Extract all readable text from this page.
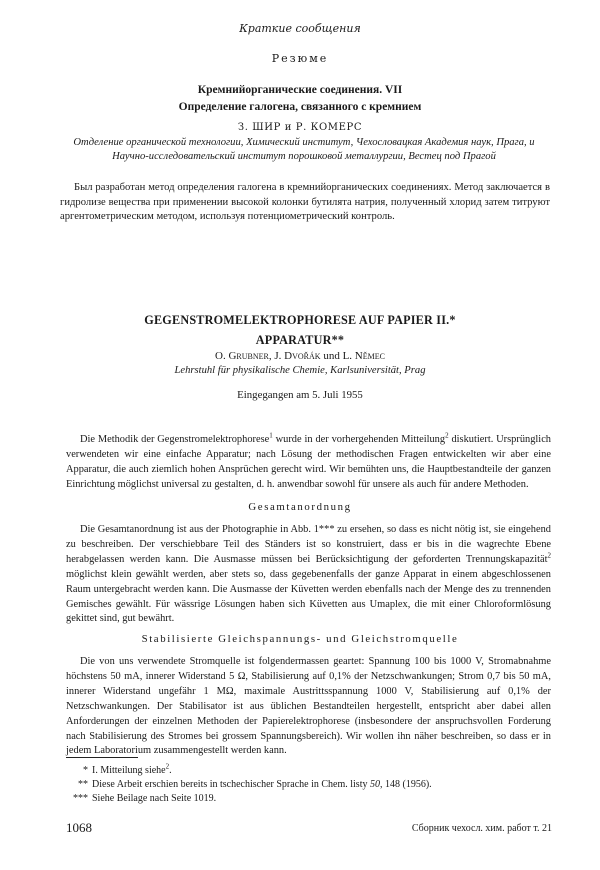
Краткие сообщения
Резюме
Кремнийорганические соединения. VII
Определение галогена, связанного с кремнием
З. ШИР и Р. КОМЕРС
Отделение органической технологии, Химический институт, Чехословацкая Академия наук, Прага, и Научно-исследовательский институт порошковой металлургии, Вестец под Прагой
Был разработан метод определения галогена в кремнийорганических соединениях. Метод заключается в гидролизе вещества при применении высокой колонки бутилята натрия, полученный хлорид затем титруют аргентометрическим методом, используя потенциометрический контроль.
GEGENSTROMELEKTROPHORESE AUF PAPIER II.*
APPARATUR**
O. Grubner, J. Dvořák und L. Němec
Lehrstuhl für physikalische Chemie, Karlsuniversität, Prag
Eingegangen am 5. Juli 1955
Die Methodik der Gegenstromelektrophorese$^1$ wurde in der vorhergehenden Mitteilung$^2$ diskutiert. Ursprünglich verwendeten wir eine einfache Apparatur; nach Lösung der methodischen Fragen entwickelten wir aber eine Apparatur, die auch ziemlich hohen Ansprüchen gerecht wird. Wir bemühten uns, die Hauptbestandteile der ganzen Einrichtung möglichst universal zu gestalten, d. h. anwendbar sowohl für unsere als auch für andere Methoden.
Gesamtanordnung
Die Gesamtanordnung ist aus der Photographie in Abb. 1*** zu ersehen, so dass es nicht nötig ist, sie eingehend zu beschreiben. Der verschiebbare Teil des Ständers ist so konstruiert, dass er bis in die wagrechte Ebene herabgelassen werden kann. Die Ausmasse müssen bei Berücksichtigung der geforderten Trennungskapazität$^2$ möglichst klein gewählt werden, aber stets so, dass gegebenenfalls der ganze Apparat in einem abgeschlossenen Raum untergebracht werden kann. Die Ausmasse der Küvetten werden ebenfalls nach der Menge des zu trennenden Gemisches gewählt. Für wässrige Lösungen haben sich Küvetten aus Umaplex, die mit einer Chloroformlösung gekittet sind, gut bewährt.
Stabilisierte Gleichspannungs- und Gleichstromquelle
Die von uns verwendete Stromquelle ist folgendermassen geartet: Spannung 100 bis 1000 V, Stromabnahme höchstens 50 mA, innerer Widerstand 5 Ω, Stabilisierung auf 0,1% der Netzschwankungen; Strom 0,7 bis 50 mA, innerer Widerstand ungefähr 1 MΩ, maximale Austrittsspannung 1000 V, Stabilisierung auf 0,1% der Netzschwankungen. Der Stabilisator ist aus üblichen Bestandteilen hergestellt, entspricht aber dabei allen Anforderungen der einzelnen Methoden der Papierelektrophorese (insbesondere der anspruchsvollen Forderung nach Stabilisierung des Stromes bei grossem Spannungsbereich). Wir wollen ihn näher beschreiben, so dass er in jedem Laboratorium zusammengestellt werden kann.
* I. Mitteilung siehe$^2$.
** Diese Arbeit erschien bereits in tschechischer Sprache in Chem. listy 50, 148 (1956).
*** Siehe Beilage nach Seite 1019.
1068	Сборник чехосл. хим. работ т. 21
